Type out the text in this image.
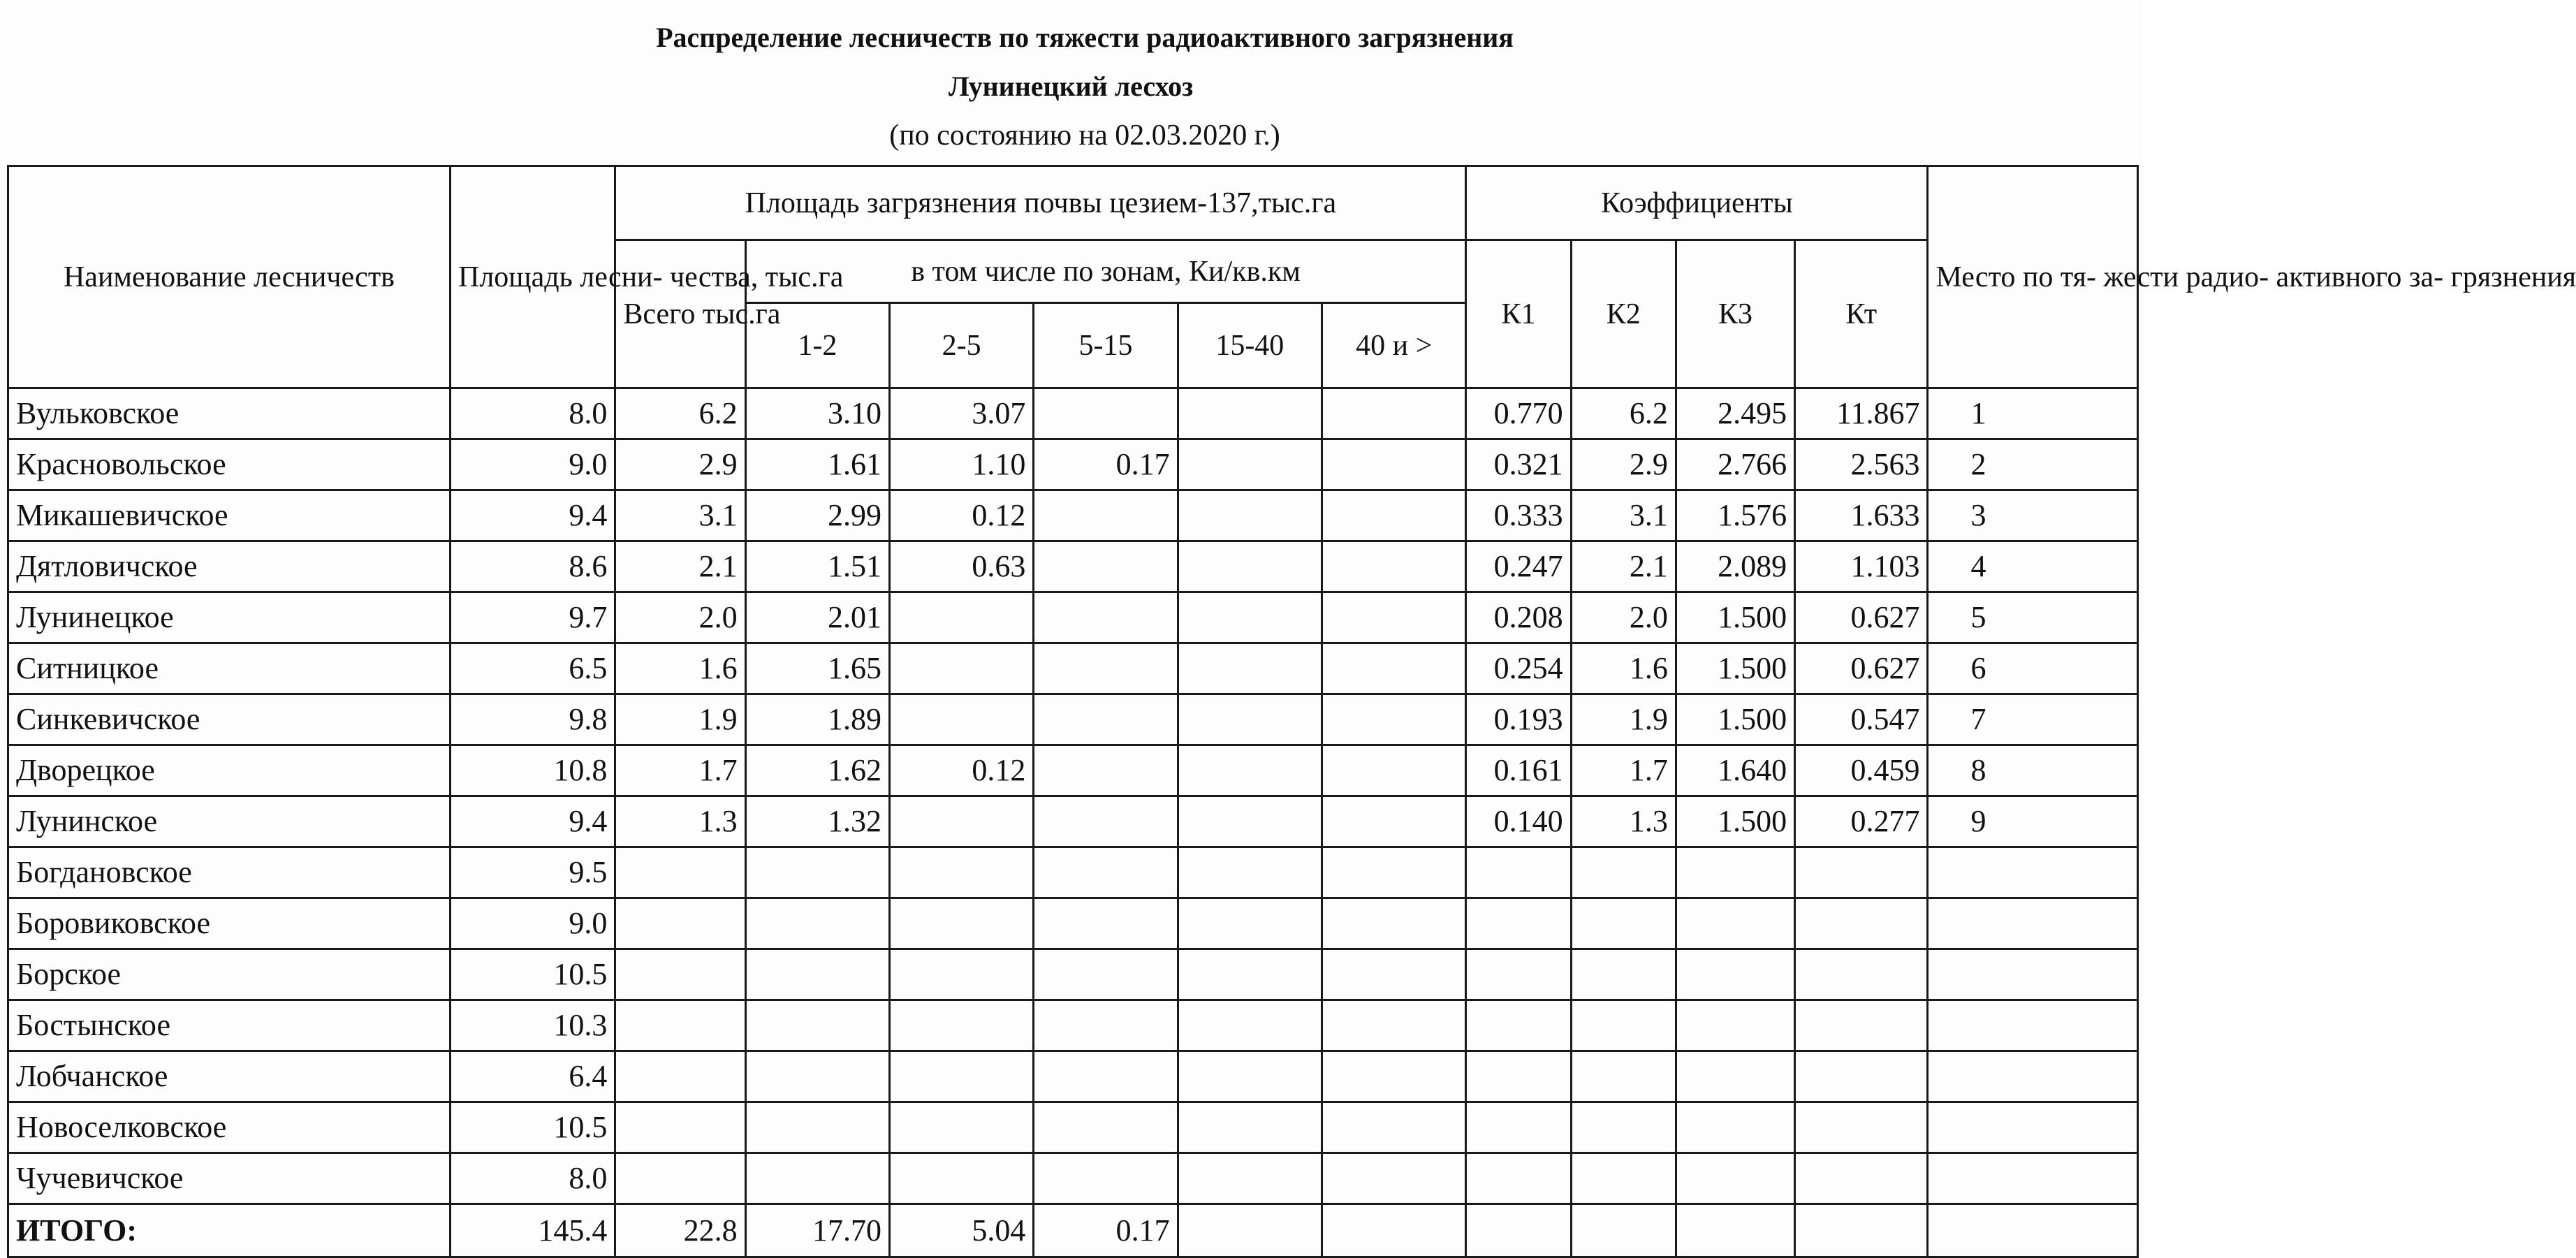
Распределение лесничеств по тяжести радиоактивного загрязнения
Лунинецкий лесхоз
(по состоянию на 02.03.2020 г.)
Наименование лесничеств	Площадь лесни- чества, тыс.га	Площадь загрязнения почвы цезием-137,тыс.га						Коэффициенты				Место по тя- жести радио- активного за- грязнения
		Всего тыс.га	в том числе по зонам, Ки/кв.км					К1	К2	К3	Кт	
			1-2	2-5	5-15	15-40	40 и >					
Вульковское	8.0	6.2	3.10	3.07				0.770	6.2	2.495	11.867	1
Красновольское	9.0	2.9	1.61	1.10	0.17			0.321	2.9	2.766	2.563	2
Микашевичское	9.4	3.1	2.99	0.12				0.333	3.1	1.576	1.633	3
Дятловичское	8.6	2.1	1.51	0.63				0.247	2.1	2.089	1.103	4
Лунинецкое	9.7	2.0	2.01					0.208	2.0	1.500	0.627	5
Ситницкое	6.5	1.6	1.65					0.254	1.6	1.500	0.627	6
Синкевичское	9.8	1.9	1.89					0.193	1.9	1.500	0.547	7
Дворецкое	10.8	1.7	1.62	0.12				0.161	1.7	1.640	0.459	8
Лунинское	9.4	1.3	1.32					0.140	1.3	1.500	0.277	9
Богдановское	9.5											
Боровиковское	9.0											
Борское	10.5											
Бостынское	10.3											
Лобчанское	6.4											
Новоселковское	10.5											
Чучевичское	8.0											
ИТОГО:	145.4	22.8	17.70	5.04	0.17							
